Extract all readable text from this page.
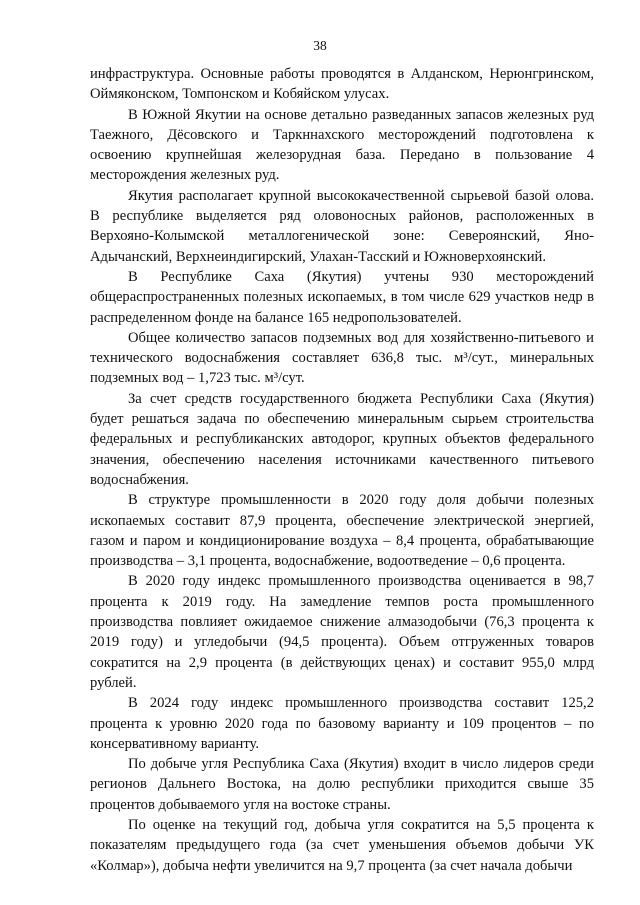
38

инфраструктура. Основные работы проводятся в Алданском, Нерюнгринском, Оймяконском, Томпонском и Кобяйском улусах.

В Южной Якутии на основе детально разведанных запасов железных руд Таежного, Дёсовского и Таркннахского месторождений подготовлена к освоению крупнейшая железорудная база. Передано в пользование 4 месторождения железных руд.

Якутия располагает крупной высококачественной сырьевой базой олова. В республике выделяется ряд оловоносных районов, расположенных в Верхояно-Колымской металлогенической зоне: Североянский, Яно-Адычанский, Верхнеиндигирский, Улахан-Тасский и Южноверхоянский.

В Республике Саха (Якутия) учтены 930 месторождений общераспространенных полезных ископаемых, в том числе 629 участков недр в распределенном фонде на балансе 165 недропользователей.

Общее количество запасов подземных вод для хозяйственно-питьевого и технического водоснабжения составляет 636,8 тыс. м³/сут., минеральных подземных вод – 1,723 тыс. м³/сут.

За счет средств государственного бюджета Республики Саха (Якутия) будет решаться задача по обеспечению минеральным сырьем строительства федеральных и республиканских автодорог, крупных объектов федерального значения, обеспечению населения источниками качественного питьевого водоснабжения.

В структуре промышленности в 2020 году доля добычи полезных ископаемых составит 87,9 процента, обеспечение электрической энергией, газом и паром и кондиционирование воздуха – 8,4 процента, обрабатывающие производства – 3,1 процента, водоснабжение, водоотведение – 0,6 процента.

В 2020 году индекс промышленного производства оценивается в 98,7 процента к 2019 году. На замедление темпов роста промышленного производства повлияет ожидаемое снижение алмазодобычи (76,3 процента к 2019 году) и угледобычи (94,5 процента). Объем отгруженных товаров сократится на 2,9 процента (в действующих ценах) и составит 955,0 млрд рублей.

В 2024 году индекс промышленного производства составит 125,2 процента к уровню 2020 года по базовому варианту и 109 процентов – по консервативному варианту.

По добыче угля Республика Саха (Якутия) входит в число лидеров среди регионов Дальнего Востока, на долю республики приходится свыше 35 процентов добываемого угля на востоке страны.

По оценке на текущий год, добыча угля сократится на 5,5 процента к показателям предыдущего года (за счет уменьшения объемов добычи УК «Колмар»), добыча нефти увеличится на 9,7 процента (за счет начала добычи
